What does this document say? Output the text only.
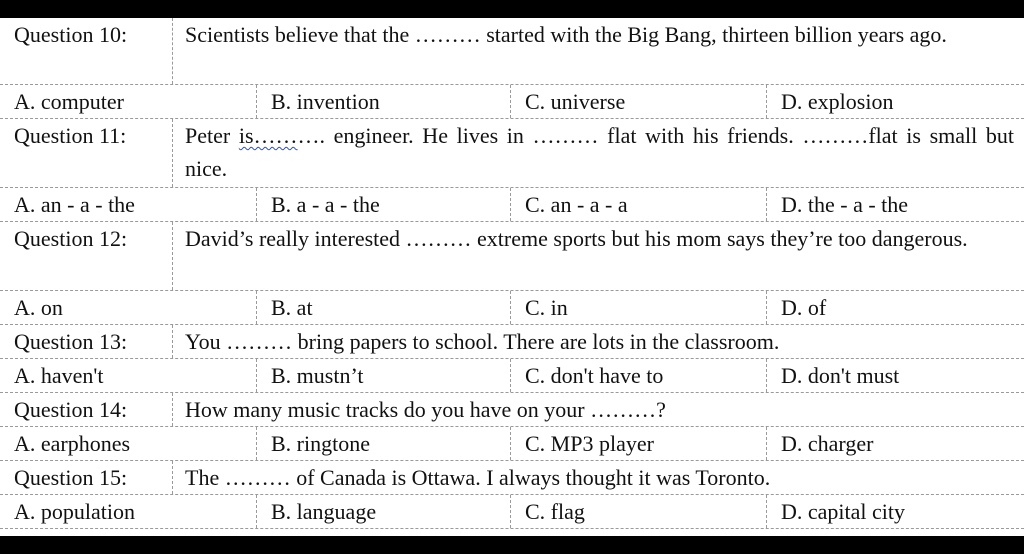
Question 10:	Scientists believe that the ……… started with the Big Bang, thirteen billion years ago.
A. computer	B. invention	C. universe	D. explosion
Question 11:	Peter is………. engineer. He lives in ……… flat with his friends. ………flat is small but nice.
A. an - a - the	B. a - a - the	C. an - a - a	D. the - a - the
Question 12:	David’s really interested ……… extreme sports but his mom says they’re too dangerous.
A. on	B. at	C. in	D. of
Question 13:	You ……… bring papers to school. There are lots in the classroom.
A. haven't	B. mustn’t	C. don't have to	D. don't must
Question 14:	How many music tracks do you have on your ………?
A. earphones	B. ringtone	C. MP3 player	D. charger
Question 15:	The ……… of Canada is Ottawa. I always thought it was Toronto.
A. population	B. language	C. flag	D. capital city
